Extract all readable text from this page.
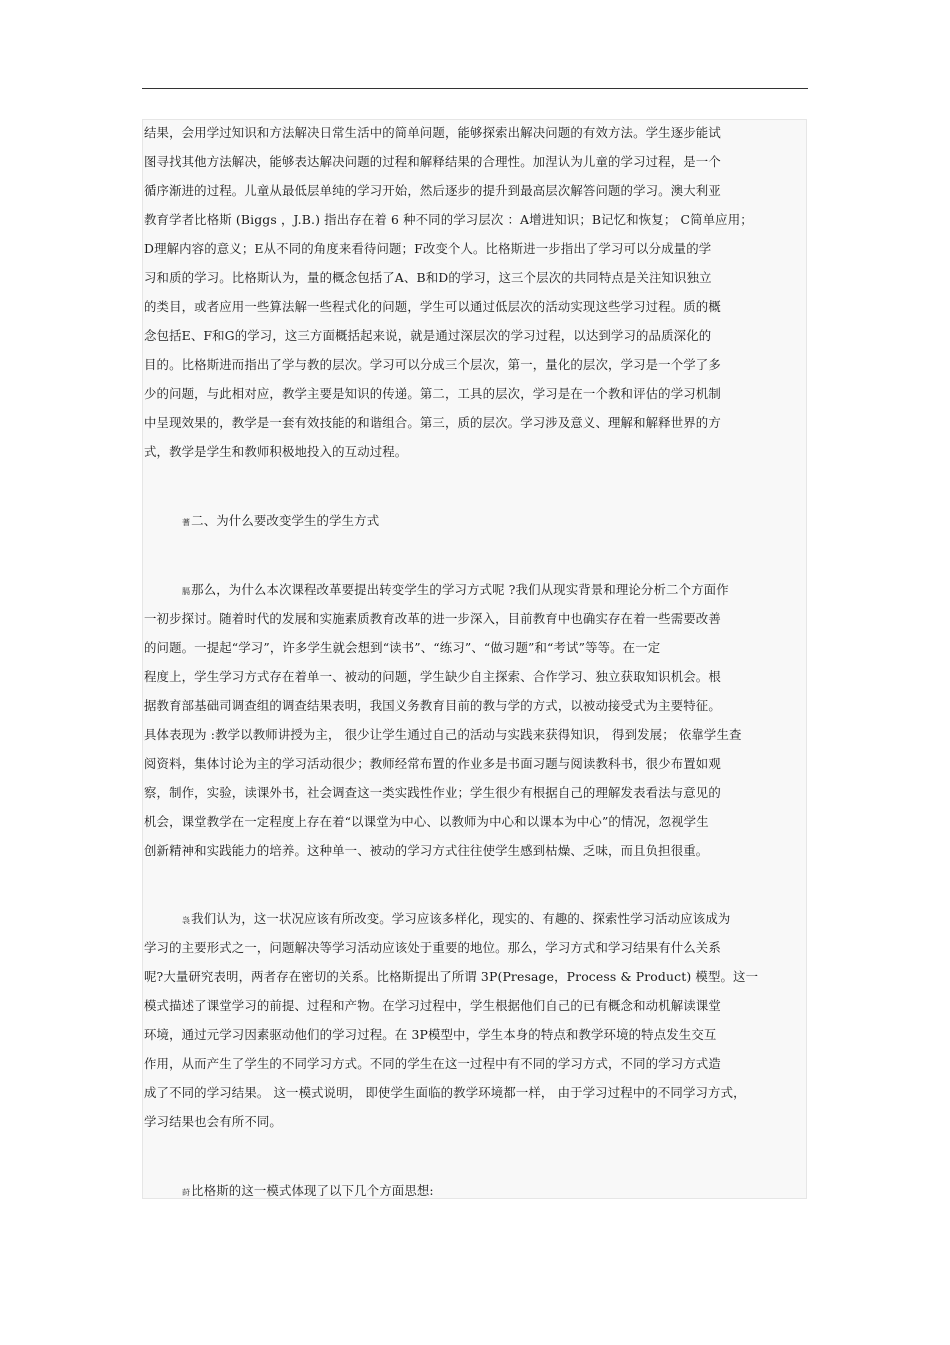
结果，会用学过知识和方法解决日常生活中的简单问题，能够探索出解决问题的有效方法。学生逐步能试
图寻找其他方法解决，能够表达解决问题的过程和解释结果的合理性。加涅认为儿童的学习过程，是一个
循序渐进的过程。儿童从最低层单纯的学习开始，然后逐步的提升到最高层次解答问题的学习。澳大利亚
教育学者比格斯 (Biggs ，J.B.) 指出存在着 6 种不同的学习层次 ：A增进知识；B记忆和恢复； C简单应用；
D理解内容的意义；E从不同的角度来看待问题；F改变个人。比格斯进一步指出了学习可以分成量的学
习和质的学习。比格斯认为，量的概念包括了A、B和D的学习，这三个层次的共同特点是关注知识独立
的类目，或者应用一些算法解一些程式化的问题，学生可以通过低层次的活动实现这些学习过程。质的概
念包括E、F和G的学习，这三方面概括起来说，就是通过深层次的学习过程，以达到学习的品质深化的
目的。比格斯进而指出了学与教的层次。学习可以分成三个层次，第一，量化的层次，学习是一个学了多
少的问题，与此相对应，教学主要是知识的传递。第二，工具的层次，学习是在一个教和评估的学习机制
中呈现效果的，教学是一套有效技能的和谐组合。第三，质的层次。学习涉及意义、理解和解释世界的方
式，教学是学生和教师积极地投入的互动过程。
蓍二、为什么要改变学生的学生方式
膈那么，为什么本次课程改革要提出转变学生的学习方式呢 ?我们从现实背景和理论分析二个方面作
一初步探讨。随着时代的发展和实施素质教育改革的进一步深入，目前教育中也确实存在着一些需要改善
的问题。一提起“学习”，许多学生就会想到“读书”、“练习”、“做习题”和“考试”等等。在一定
程度上，学生学习方式存在着单一、被动的问题，学生缺少自主探索、合作学习、独立获取知识机会。根
据教育部基础司调查组的调查结果表明，我国义务教育目前的教与学的方式，以被动接受式为主要特征。
具体表现为 :教学以教师讲授为主， 很少让学生通过自己的活动与实践来获得知识， 得到发展； 依靠学生查
阅资料，集体讨论为主的学习活动很少；教师经常布置的作业多是书面习题与阅读教科书，很少布置如观
察，制作，实验，读课外书，社会调查这一类实践性作业；学生很少有根据自己的理解发表看法与意见的
机会，课堂教学在一定程度上存在着“以课堂为中心、以教师为中心和以课本为中心”的情况，忽视学生
创新精神和实践能力的培养。这种单一、被动的学习方式往往使学生感到枯燥、乏味，而且负担很重。
袅我们认为，这一状况应该有所改变。学习应该多样化，现实的、有趣的、探索性学习活动应该成为
学习的主要形式之一，问题解决等学习活动应该处于重要的地位。那么，学习方式和学习结果有什么关系
呢?大量研究表明，两者存在密切的关系。比格斯提出了所谓 3P(Presage，Process & Product) 模型。这一
模式描述了课堂学习的前提、过程和产物。在学习过程中，学生根据他们自己的已有概念和动机解读课堂
环境，通过元学习因素驱动他们的学习过程。在 3P模型中，学生本身的特点和教学环境的特点发生交互
作用，从而产生了学生的不同学习方式。不同的学生在这一过程中有不同的学习方式，不同的学习方式造
成了不同的学习结果。 这一模式说明， 即使学生面临的教学环境都一样， 由于学习过程中的不同学习方式，
学习结果也会有所不同。
莳比格斯的这一模式体现了以下几个方面思想:
